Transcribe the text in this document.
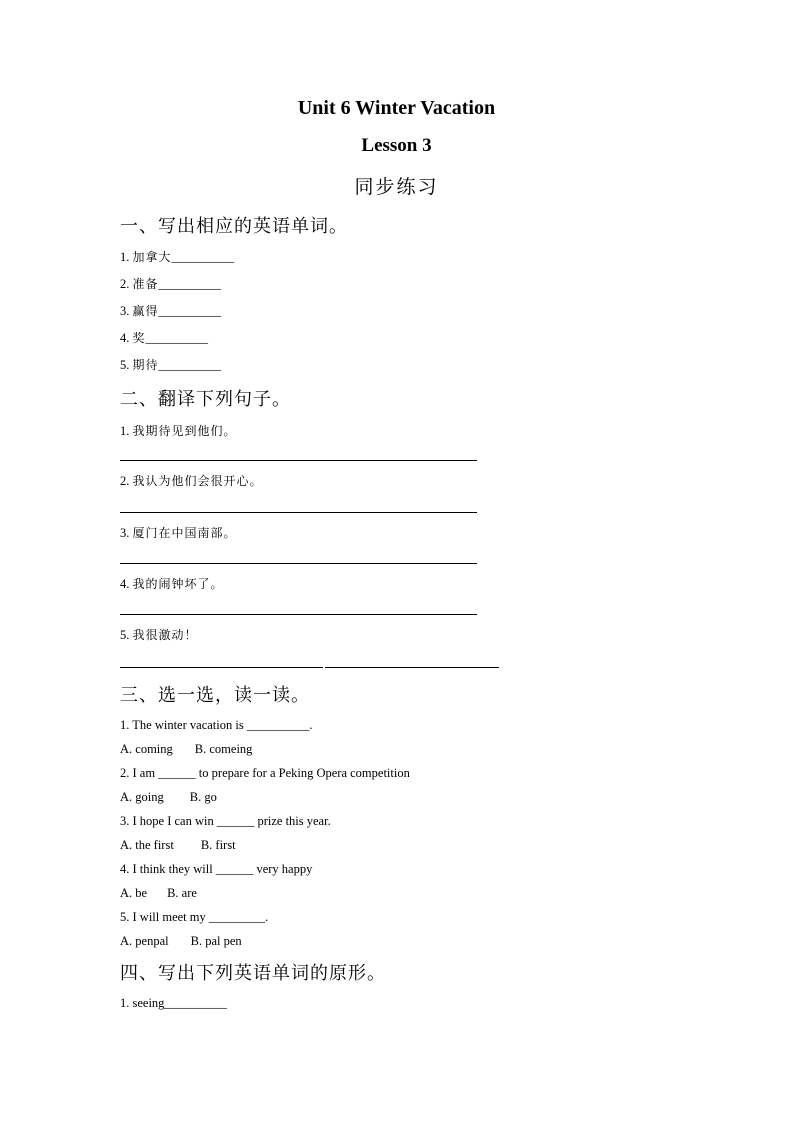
Unit 6 Winter Vacation
Lesson 3
同步练习
一、写出相应的英语单词。
1. 加拿大__________
2. 准备__________
3. 赢得__________
4. 奖__________
5. 期待__________
二、翻译下列句子。
1. 我期待见到他们。
2. 我认为他们会很开心。
3. 厦门在中国南部。
4. 我的闹钟坏了。
5. 我很激动！
三、选一选，读一读。
1. The winter vacation is __________.
A. coming B. comeing
2. I am ______ to prepare for a Peking Opera competition
A. going B. go
3. I hope I can win ______ prize this year.
A. the first B. first
4. I think they will ______ very happy
A. be B. are
5. I will meet my _________.
A. penpal B. pal pen
四、写出下列英语单词的原形。
1. seeing__________
